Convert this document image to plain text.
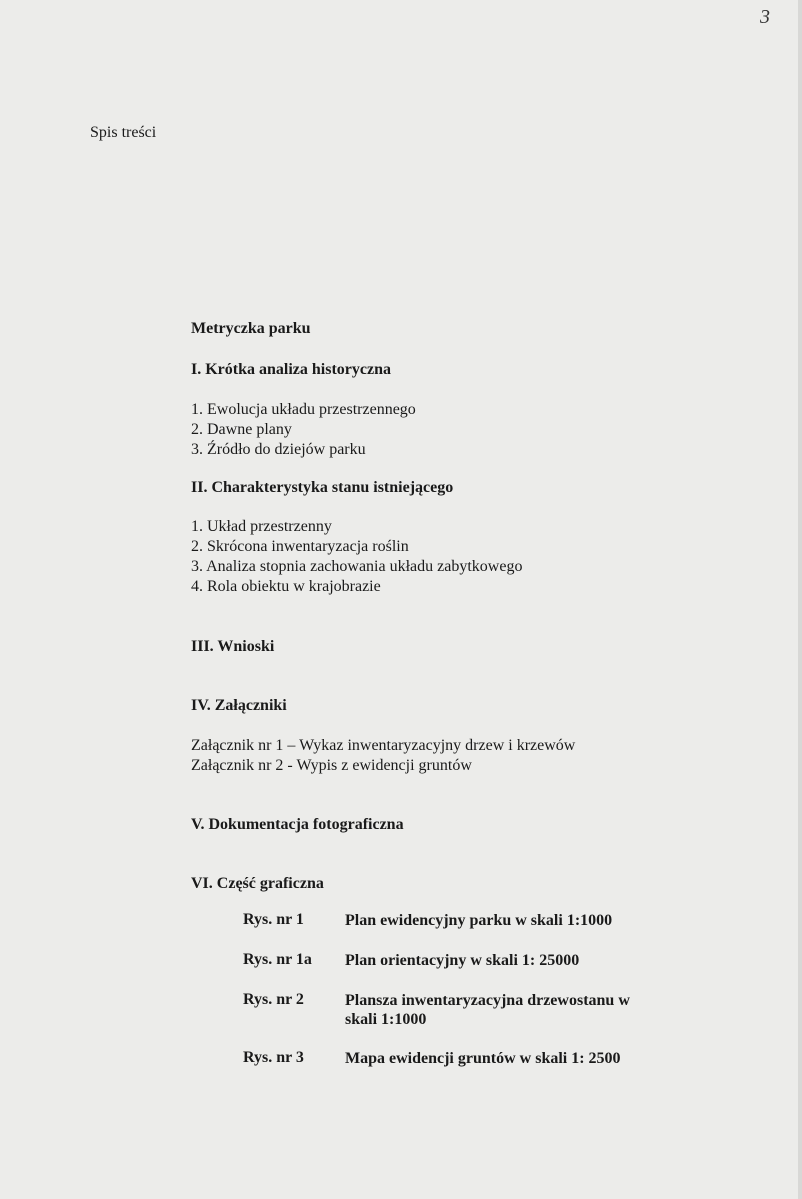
3
Spis treści
Metryczka parku
I. Krótka analiza historyczna
1. Ewolucja układu przestrzennego
2. Dawne plany
3. Źródło do dziejów parku
II. Charakterystyka stanu istniejącego
1. Układ przestrzenny
2. Skrócona inwentaryzacja roślin
3. Analiza stopnia zachowania układu zabytkowego
4. Rola obiektu w krajobrazie
III. Wnioski
IV. Załączniki
Załącznik nr 1 – Wykaz inwentaryzacyjny drzew i krzewów
Załącznik nr 2 - Wypis z ewidencji gruntów
V. Dokumentacja fotograficzna
VI. Część graficzna
Rys. nr 1	Plan ewidencyjny parku w skali 1:1000
Rys. nr 1a Plan orientacyjny w skali 1: 25000
Rys. nr 2	Plansza inwentaryzacyjna drzewostanu w skali 1:1000
Rys. nr 3	Mapa ewidencji gruntów w skali 1: 2500
